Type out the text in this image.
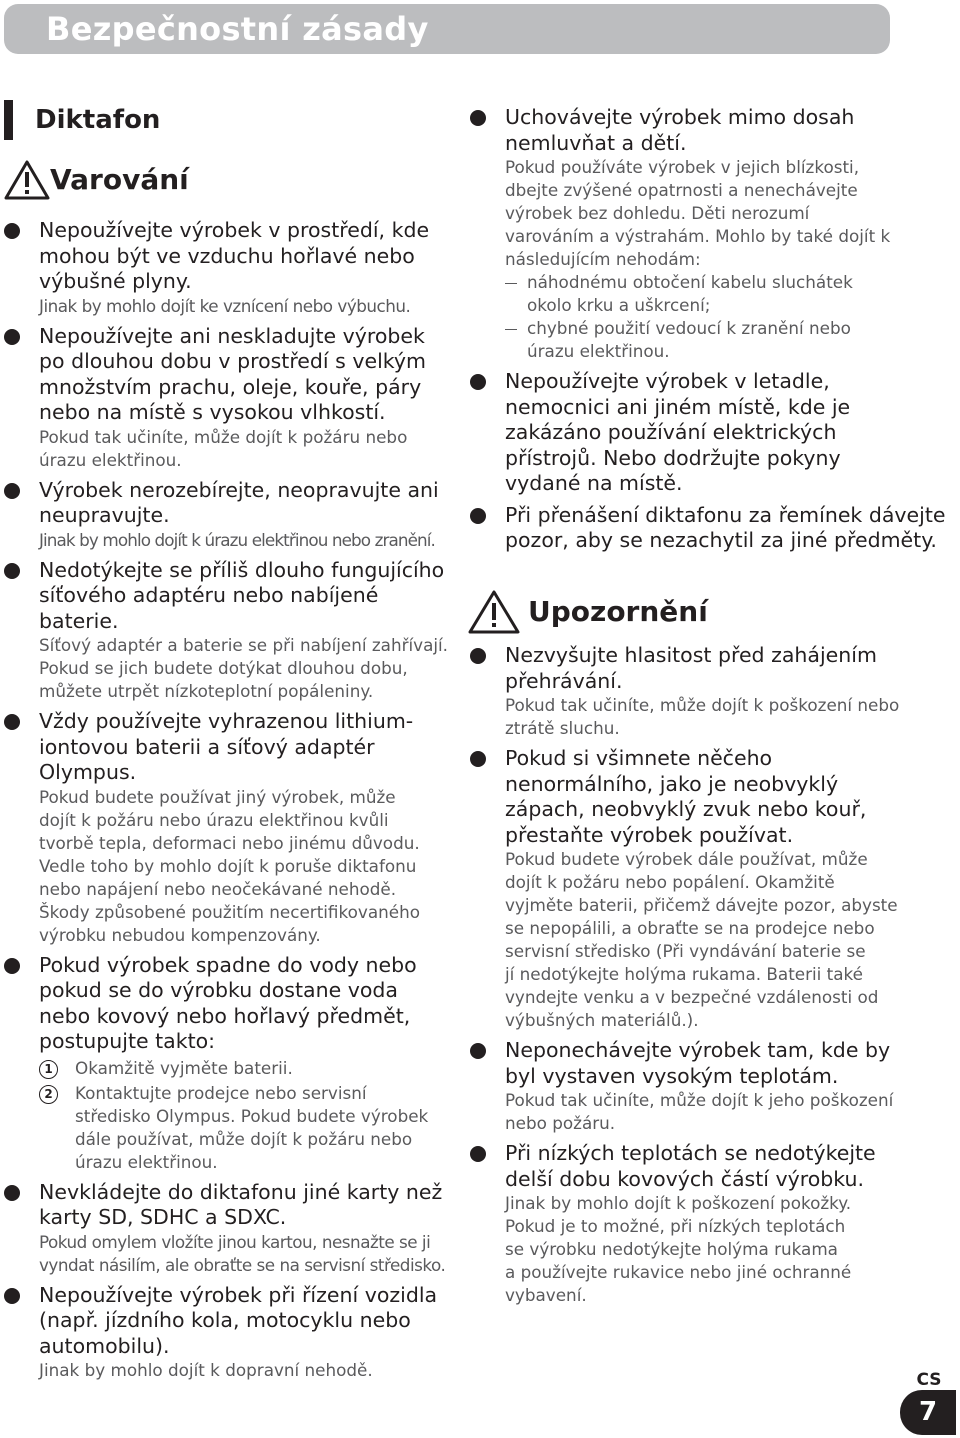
Bezpečnostní zásady
Diktafon
Varování
Nepoužívejte výrobek v prostředí, kde
mohou být ve vzduchu hořlavé nebo
výbušné plyny.
Jinak by mohlo dojít ke vznícení nebo výbuchu.
Nepoužívejte ani neskladujte výrobek
po dlouhou dobu v prostředí s velkým
množstvím prachu, oleje, kouře, páry
nebo na místě s vysokou vlhkostí.
Pokud tak učiníte, může dojít k požáru nebo
úrazu elektřinou.
Výrobek nerozebírejte, neopravujte ani
neupravujte.
Jinak by mohlo dojít k úrazu elektřinou nebo zranění.
Nedotýkejte se příliš dlouho fungujícího
síťového adaptéru nebo nabíjené baterie.
Síťový adaptér a baterie se při nabíjení zahřívají.
Pokud se jich budete dotýkat dlouhou dobu,
můžete utrpět nízkoteplotní popáleniny.
Vždy používejte vyhrazenou lithium-
iontovou baterii a síťový adaptér Olympus.
Pokud budete používat jiný výrobek, může
dojít k požáru nebo úrazu elektřinou kvůli
tvorbě tepla, deformaci nebo jinému důvodu.
Vedle toho by mohlo dojít k poruše diktafonu
nebo napájení nebo neočekávané nehodě.
Škody způsobené použitím necertifikovaného
výrobku nebudou kompenzovány.
Pokud výrobek spadne do vody nebo
pokud se do výrobku dostane voda
nebo kovový nebo hořlavý předmět,
postupujte takto:
1	Okamžitě vyjměte baterii.
2	Kontaktujte prodejce nebo servisní
středisko Olympus. Pokud budete výrobek
dále používat, může dojít k požáru nebo
úrazu elektřinou.
Nevkládejte do diktafonu jiné karty než
karty SD, SDHC a SDXC.
Pokud omylem vložíte jinou kartou, nesnažte se ji
vyndat násilím, ale obraťte se na servisní středisko.
Nepoužívejte výrobek při řízení vozidla
(např. jízdního kola, motocyklu nebo
automobilu).
Jinak by mohlo dojít k dopravní nehodě.
Uchovávejte výrobek mimo dosah
nemluvňat a dětí.
Pokud používáte výrobek v jejich blízkosti,
dbejte zvýšené opatrnosti a nenechávejte
výrobek bez dohledu. Děti nerozumí
varováním a výstrahám. Mohlo by také dojít k
následujícím nehodám:
náhodnému obtočení kabelu sluchátek
okolo krku a uškrcení;
chybné použití vedoucí k zranění nebo
úrazu elektřinou.
Nepoužívejte výrobek v letadle,
nemocnici ani jiném místě, kde je
zakázáno používání elektrických
přístrojů. Nebo dodržujte pokyny
vydané na místě.
Při přenášení diktafonu za řemínek dávejte
pozor, aby se nezachytil za jiné předměty.
Upozornění
Nezvyšujte hlasitost před zahájením
přehrávání.
Pokud tak učiníte, může dojít k poškození nebo
ztrátě sluchu.
Pokud si všimnete něčeho
nenormálního, jako je neobvyklý
zápach, neobvyklý zvuk nebo kouř,
přestaňte výrobek používat.
Pokud budete výrobek dále používat, může
dojít k požáru nebo popálení. Okamžitě
vyjměte baterii, přičemž dávejte pozor, abyste
se nepopálili, a obraťte se na prodejce nebo
servisní středisko (Při vyndávání baterie se
jí nedotýkejte holýma rukama. Baterii také
vyndejte venku a v bezpečné vzdálenosti od
výbušných materiálů.).
Neponechávejte výrobek tam, kde by
byl vystaven vysokým teplotám.
Pokud tak učiníte, může dojít k jeho poškození
nebo požáru.
Při nízkých teplotách se nedotýkejte
delší dobu kovových částí výrobku.
Jinak by mohlo dojít k poškození pokožky.
Pokud je to možné, při nízkých teplotách
se výrobku nedotýkejte holýma rukama
a používejte rukavice nebo jiné ochranné
vybavení.
CS
7
